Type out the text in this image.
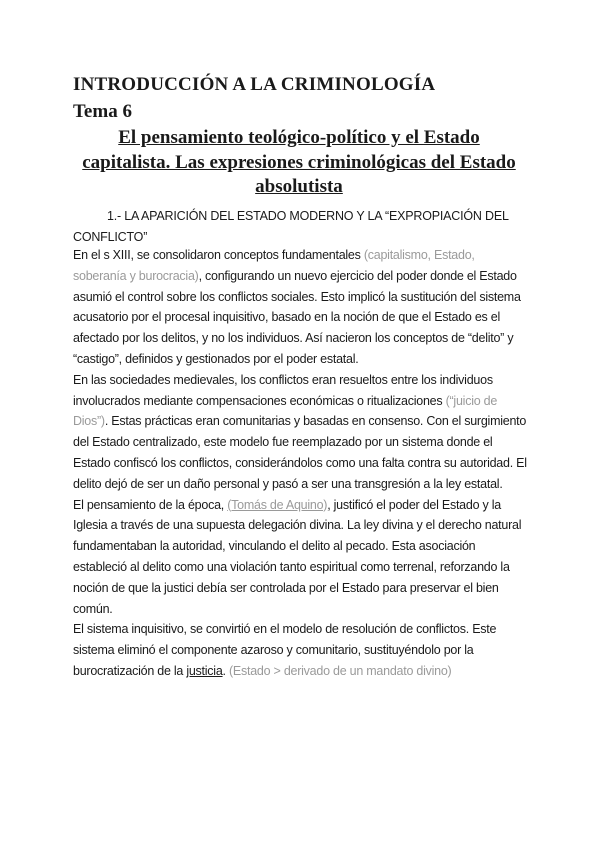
INTRODUCCIÓN A LA CRIMINOLOGÍA
Tema 6
El pensamiento teológico-político y el Estado capitalista. Las expresiones criminológicas del Estado absolutista

1.- LA APARICIÓN DEL ESTADO MODERNO Y LA “EXPROPIACIÓN DEL CONFLICTO”

En el s XIII, se consolidaron conceptos fundamentales (capitalismo, Estado, soberanía y burocracia), configurando un nuevo ejercicio del poder donde el Estado asumió el control sobre los conflictos sociales. Esto implicó la sustitución del sistema acusatorio por el procesal inquisitivo, basado en la noción de que el Estado es el afectado por los delitos, y no los individuos. Así nacieron los conceptos de “delito” y “castigo”, definidos y gestionados por el poder estatal.

En las sociedades medievales, los conflictos eran resueltos entre los individuos involucrados mediante compensaciones económicas o ritualizaciones (“juicio de Dios”). Estas prácticas eran comunitarias y basadas en consenso. Con el surgimiento del Estado centralizado, este modelo fue reemplazado por un sistema donde el Estado confiscó los conflictos, considerándolos como una falta contra su autoridad. El delito dejó de ser un daño personal y pasó a ser una transgresión a la ley estatal.

El pensamiento de la época, (Tomás de Aquino), justificó el poder del Estado y la Iglesia a través de una supuesta delegación divina. La ley divina y el derecho natural fundamentaban la autoridad, vinculando el delito al pecado. Esta asociación estableció al delito como una violación tanto espiritual como terrenal, reforzando la noción de que la justici debía ser controlada por el Estado para preservar el bien común.

El sistema inquisitivo, se convirtió en el modelo de resolución de conflictos. Este sistema eliminó el componente azaroso y comunitario, sustituyéndolo por la burocratización de la justicia. (Estado > derivado de un mandato divino)
